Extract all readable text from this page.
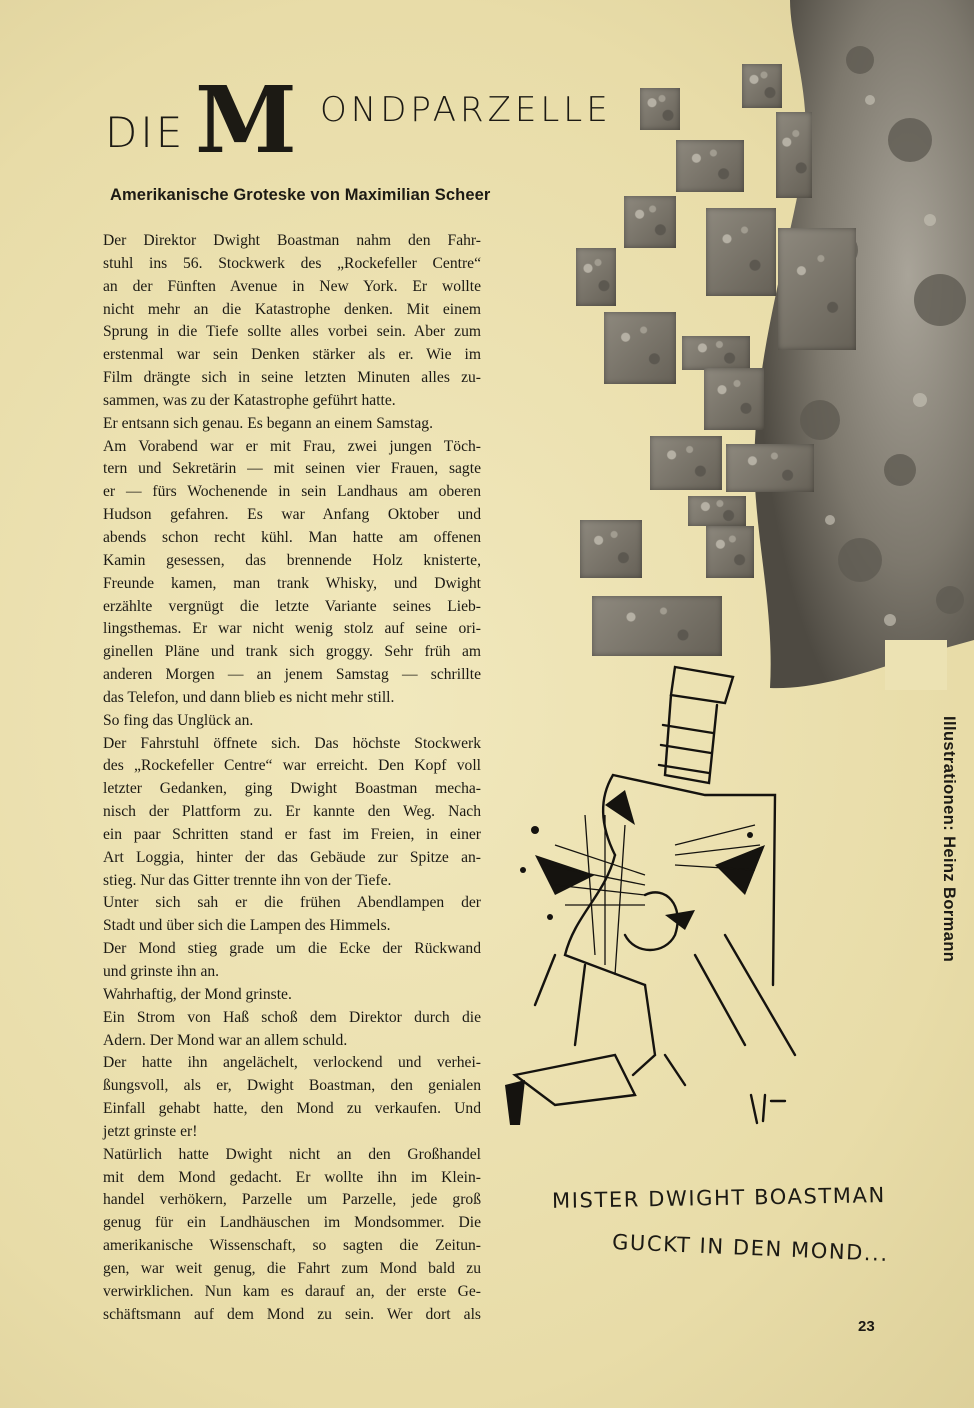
DIE M ONDPARZELLE
Amerikanische Groteske von Maximilian Scheer

Der Direktor Dwight Boastman nahm den Fahr-

stuhl ins 56. Stockwerk des „Rockefeller Centre“

an der Fünften Avenue in New York. Er wollte

nicht mehr an die Katastrophe denken. Mit einem

Sprung in die Tiefe sollte alles vorbei sein. Aber zum

erstenmal war sein Denken stärker als er. Wie im

Film drängte sich in seine letzten Minuten alles zu-

sammen, was zu der Katastrophe geführt hatte.

Er entsann sich genau. Es begann an einem Samstag.

Am Vorabend war er mit Frau, zwei jungen Töch-

tern und Sekretärin — mit seinen vier Frauen, sagte

er — fürs Wochenende in sein Landhaus am oberen

Hudson gefahren. Es war Anfang Oktober und

abends schon recht kühl. Man hatte am offenen

Kamin gesessen, das brennende Holz knisterte,

Freunde kamen, man trank Whisky, und Dwight

erzählte vergnügt die letzte Variante seines Lieb-

lingsthemas. Er war nicht wenig stolz auf seine ori-

ginellen Pläne und trank sich groggy. Sehr früh am

anderen Morgen — an jenem Samstag — schrillte

das Telefon, und dann blieb es nicht mehr still.

So fing das Unglück an.

Der Fahrstuhl öffnete sich. Das höchste Stockwerk

des „Rockefeller Centre“ war erreicht. Den Kopf voll

letzter Gedanken, ging Dwight Boastman mecha-

nisch der Plattform zu. Er kannte den Weg. Nach

ein paar Schritten stand er fast im Freien, in einer

Art Loggia, hinter der das Gebäude zur Spitze an-

stieg. Nur das Gitter trennte ihn von der Tiefe.

Unter sich sah er die frühen Abendlampen der

Stadt und über sich die Lampen des Himmels.

Der Mond stieg grade um die Ecke der Rückwand

und grinste ihn an.

Wahrhaftig, der Mond grinste.

Ein Strom von Haß schoß dem Direktor durch die

Adern. Der Mond war an allem schuld.

Der hatte ihn angelächelt, verlockend und verhei-

ßungsvoll, als er, Dwight Boastman, den genialen

Einfall gehabt hatte, den Mond zu verkaufen. Und

jetzt grinste er!

Natürlich hatte Dwight nicht an den Großhandel

mit dem Mond gedacht. Er wollte ihn im Klein-

handel verhökern, Parzelle um Parzelle, jede groß

genug für ein Landhäuschen im Mondsommer. Die

amerikanische Wissenschaft, so sagten die Zeitun-

gen, war weit genug, die Fahrt zum Mond bald zu

verwirklichen. Nun kam es darauf an, der erste Ge-

schäftsmann auf dem Mond zu sein. Wer dort als

Illustrationen: Heinz Bormann
MISTER DWIGHT BOASTMAN
GUCKT IN DEN MOND...
23
